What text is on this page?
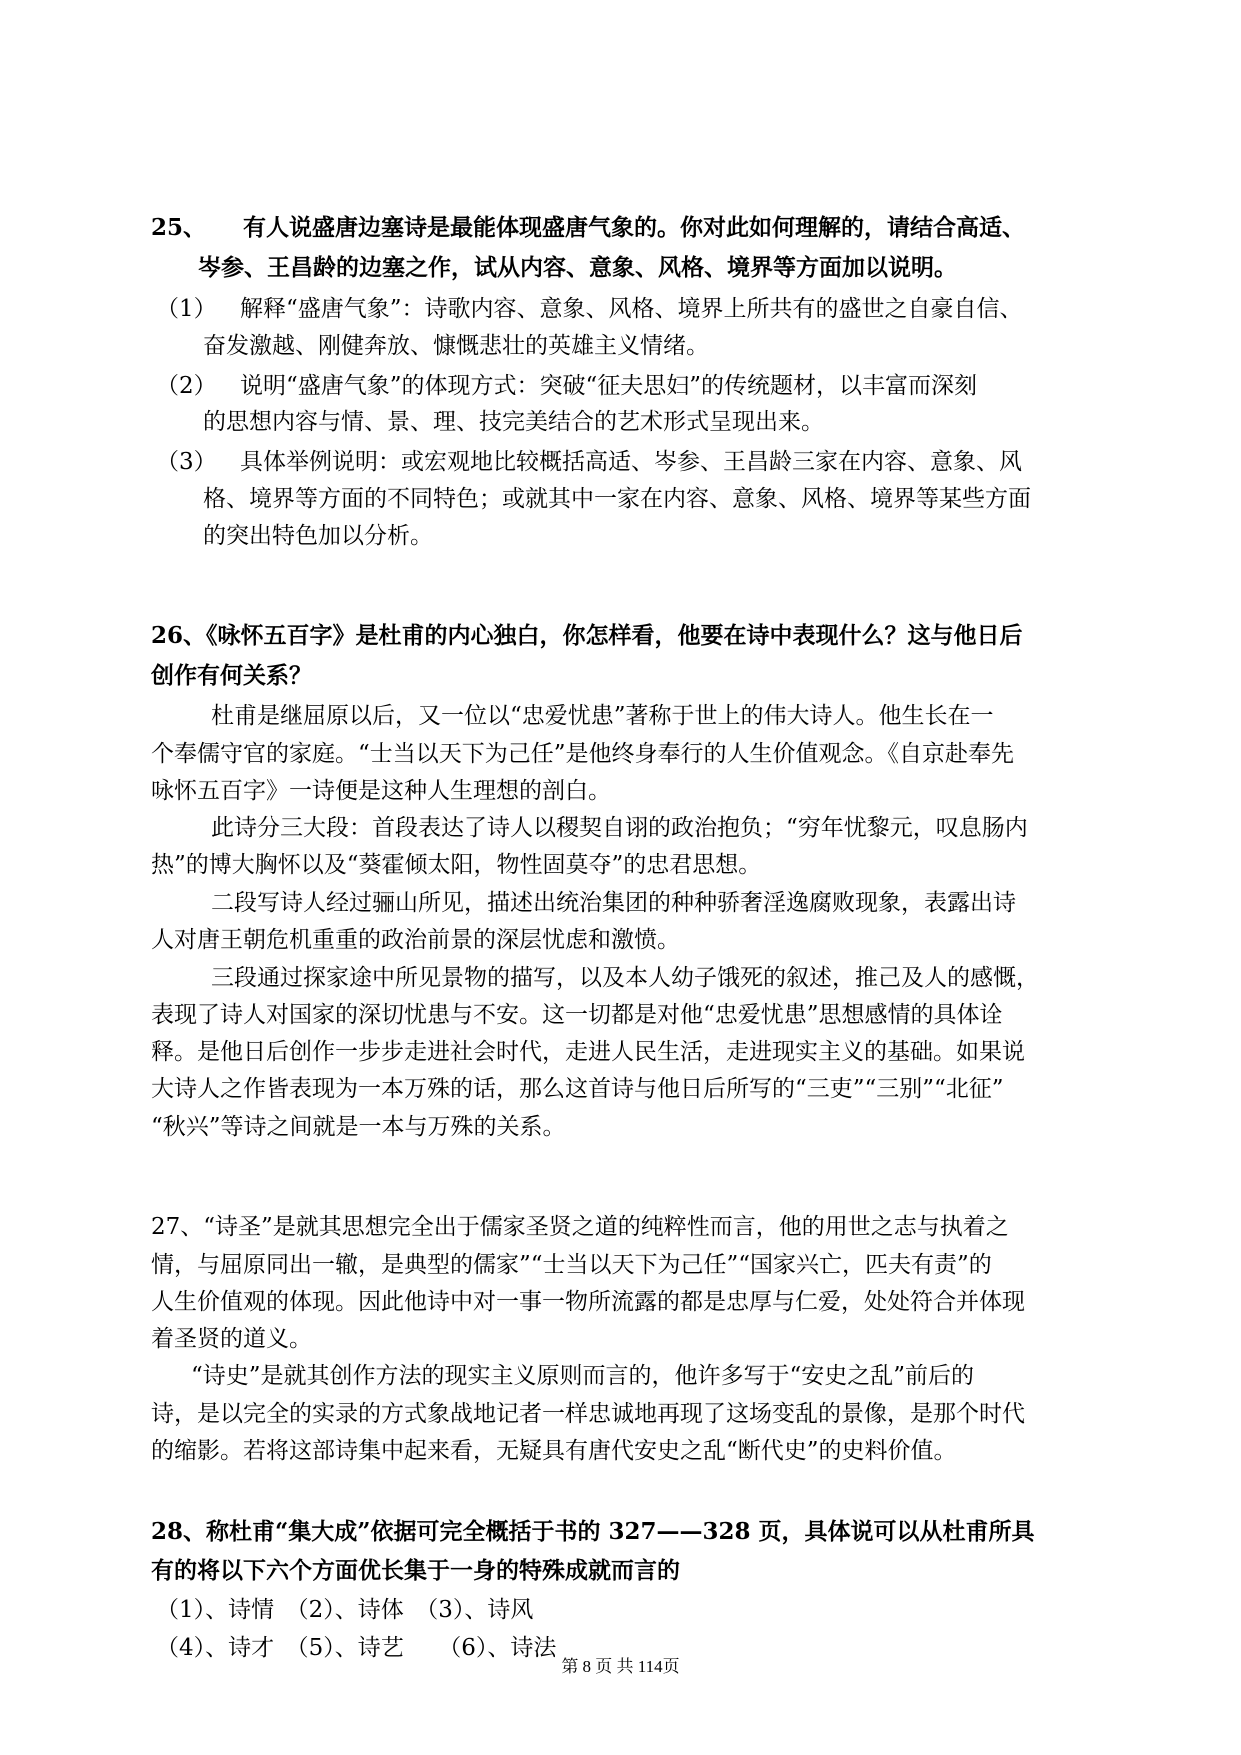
25、 有人说盛唐边塞诗是最能体现盛唐气象的。你对此如何理解的，请结合高适、
岑参、王昌龄的边塞之作，试从内容、意象、风格、境界等方面加以说明。
（1） 解释“盛唐气象”：诗歌内容、意象、风格、境界上所共有的盛世之自豪自信、
奋发激越、刚健奔放、慷慨悲壮的英雄主义情绪。
（2） 说明“盛唐气象”的体现方式：突破“征夫思妇”的传统题材，以丰富而深刻
的思想内容与情、景、理、技完美结合的艺术形式呈现出来。
（3） 具体举例说明：或宏观地比较概括高适、岑参、王昌龄三家在内容、意象、风
格、境界等方面的不同特色；或就其中一家在内容、意象、风格、境界等某些方面
的突出特色加以分析。
26、《咏怀五百字》是杜甫的内心独白，你怎样看，他要在诗中表现什么？这与他日后
创作有何关系？
杜甫是继屈原以后，又一位以“忠爱忧患”著称于世上的伟大诗人。他生长在一
个奉儒守官的家庭。“士当以天下为己任”是他终身奉行的人生价值观念。《自京赴奉先
咏怀五百字》一诗便是这种人生理想的剖白。
此诗分三大段：首段表达了诗人以稷契自诩的政治抱负；“穷年忧黎元，叹息肠内
热”的博大胸怀以及“葵霍倾太阳，物性固莫夺”的忠君思想。
二段写诗人经过骊山所见，描述出统治集团的种种骄奢淫逸腐败现象，表露出诗
人对唐王朝危机重重的政治前景的深层忧虑和激愤。
三段通过探家途中所见景物的描写，以及本人幼子饿死的叙述，推己及人的感慨，
表现了诗人对国家的深切忧患与不安。这一切都是对他“忠爱忧患”思想感情的具体诠
释。是他日后创作一步步走进社会时代，走进人民生活，走进现实主义的基础。如果说
大诗人之作皆表现为一本万殊的话，那么这首诗与他日后所写的“三吏”“三别”“北征”
“秋兴”等诗之间就是一本与万殊的关系。
27、“诗圣”是就其思想完全出于儒家圣贤之道的纯粹性而言，他的用世之志与执着之
情，与屈原同出一辙，是典型的儒家”“士当以天下为己任”“国家兴亡，匹夫有责”的
人生价值观的体现。因此他诗中对一事一物所流露的都是忠厚与仁爱，处处符合并体现
着圣贤的道义。
“诗史”是就其创作方法的现实主义原则而言的，他许多写于“安史之乱”前后的
诗，是以完全的实录的方式象战地记者一样忠诚地再现了这场变乱的景像，是那个时代
的缩影。若将这部诗集中起来看，无疑具有唐代安史之乱“断代史”的史料价值。
28、称杜甫“集大成”依据可完全概括于书的 327——328 页，具体说可以从杜甫所具
有的将以下六个方面优长集于一身的特殊成就而言的
（1）、诗情　（2）、诗体　（3）、诗风
（4）、诗才　（5）、诗艺　　（6）、诗法
第 8 页 共 114页
